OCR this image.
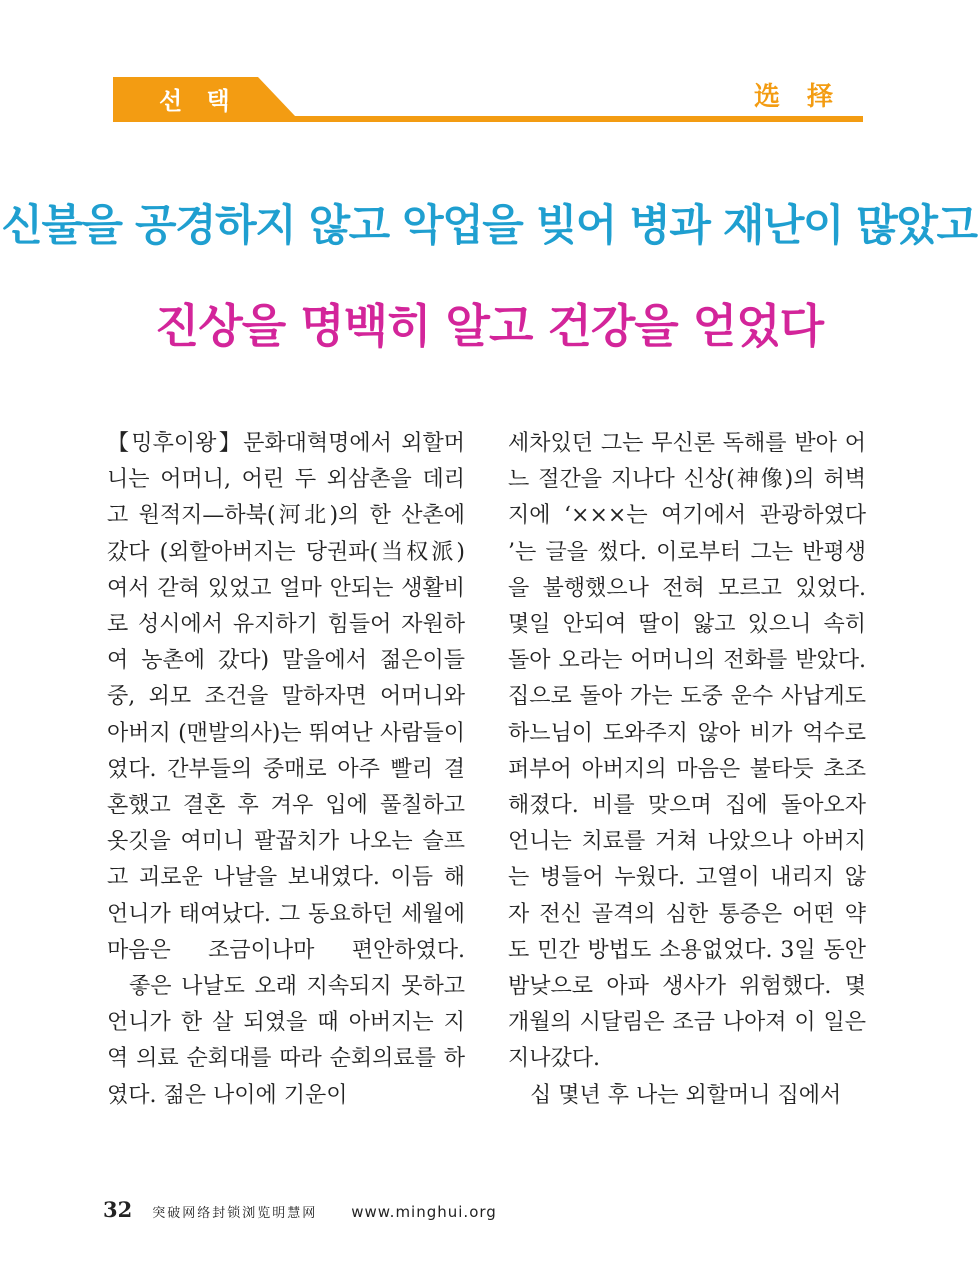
선 택	选 择
신불을 공경하지 않고 악업을 빚어 병과 재난이 많았고
진상을 명백히 알고 건강을 얻었다

【밍후이왕】문화대혁명에서 외할머니는 어머니, 어린 두 외삼촌을 데리고 원적지—하북(河北)의 한 산촌에 갔다 (외할아버지는 당권파(当权派)여서 갇혀 있었고 얼마 안되는 생활비로 성시에서 유지하기 힘들어 자원하여 농촌에 갔다) 말을에서 젊은이들 중, 외모 조건을 말하자면 어머니와 아버지 (맨발의사)는 뛰여난 사람들이였다. 간부들의 중매로 아주 빨리 결혼했고 결혼 후 겨우 입에 풀칠하고 옷깃을 여미니 팔꿉치가 나오는 슬프고 괴로운 나날을 보내였다. 이듬 해 언니가 태여났다. 그 동요하던 세월에 마음은 조금이나마 편안하였다.

좋은 나날도 오래 지속되지 못하고 언니가 한 살 되였을 때 아버지는 지역 의료 순회대를 따라 순회의료를 하였다. 젊은 나이에 기운이

세차있던 그는 무신론 독해를 받아 어느 절간을 지나다 신상(神像)의 허벽지에 ‘×××는 여기에서 관광하였다 ’는 글을 썼다. 이로부터 그는 반평생을 불행했으나 전혀 모르고 있었다. 몇일 안되여 딸이 앓고 있으니 속히 돌아 오라는 어머니의 전화를 받았다. 집으로 돌아 가는 도중 운수 사납게도 하느님이 도와주지 않아 비가 억수로 퍼부어 아버지의 마음은 불타듯 초조해졌다. 비를 맞으며 집에 돌아오자 언니는 치료를 거쳐 나았으나 아버지는 병들어 누웠다. 고열이 내리지 않자 전신 골격의 심한 통증은 어떤 약도 민간 방법도 소용없었다. 3일 동안 밤낮으로 아파 생사가 위험했다. 몇 개월의 시달림은 조금 나아져 이 일은 지나갔다.

십 몇년 후 나는 외할머니 집에서

32 突破网络封锁浏览明慧网 www.minghui.org
